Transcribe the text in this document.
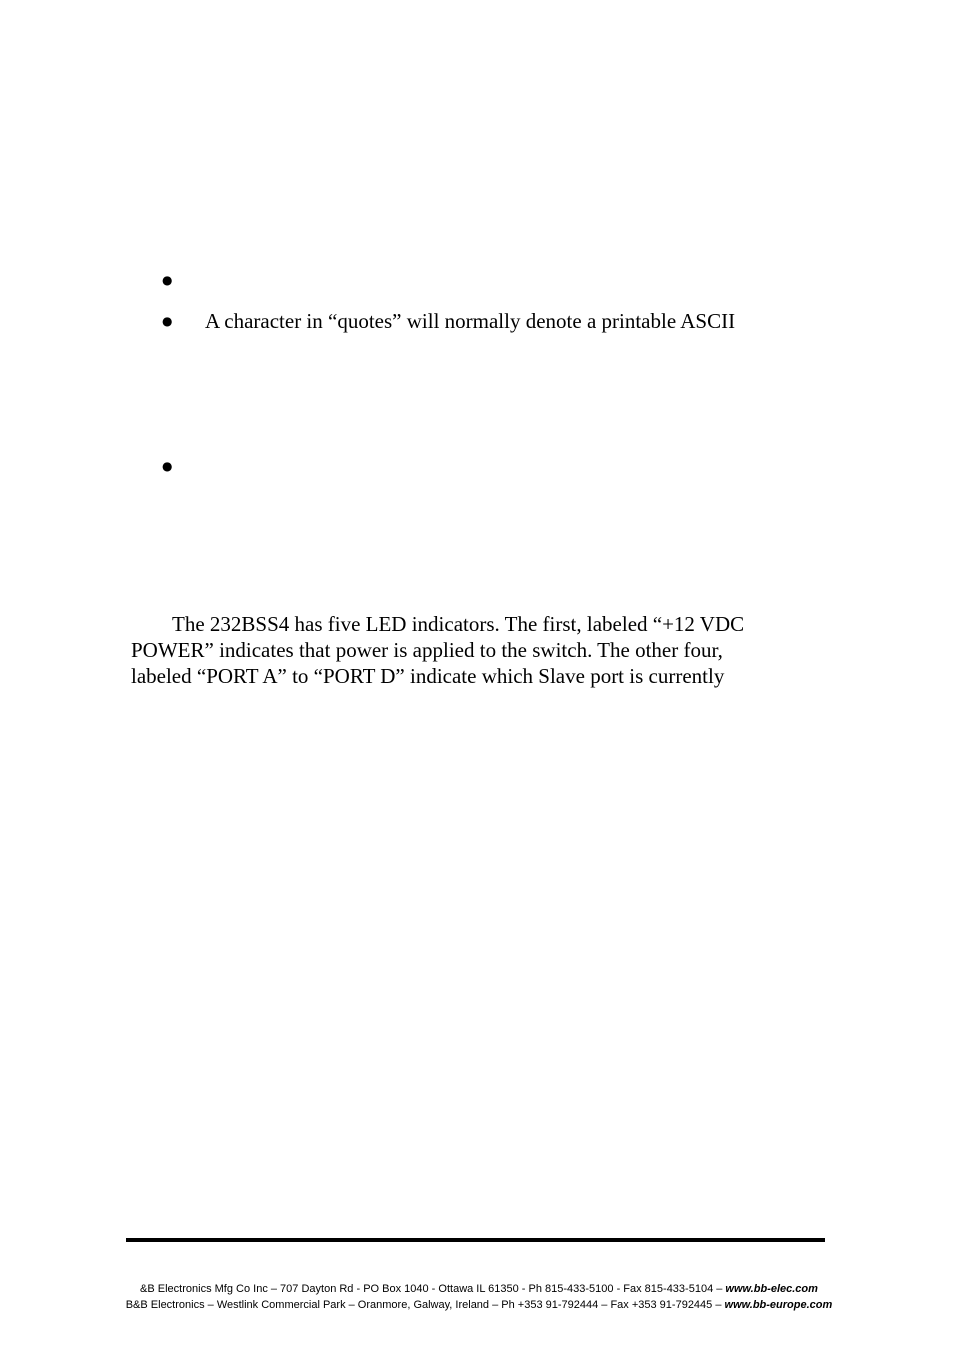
●
● A character in “quotes” will normally denote a printable ASCII
●
The 232BSS4 has five LED indicators. The first, labeled “+12 VDC
POWER” indicates that power is applied to the switch. The other four,
labeled “PORT A” to “PORT D” indicate which Slave port is currently
&B Electronics Mfg Co Inc – 707 Dayton Rd - PO Box 1040 - Ottawa IL 61350 - Ph 815-433-5100 - Fax 815-433-5104 – www.bb-elec.com
B&B Electronics – Westlink Commercial Park – Oranmore, Galway, Ireland – Ph +353 91-792444 – Fax +353 91-792445 – www.bb-europe.com
